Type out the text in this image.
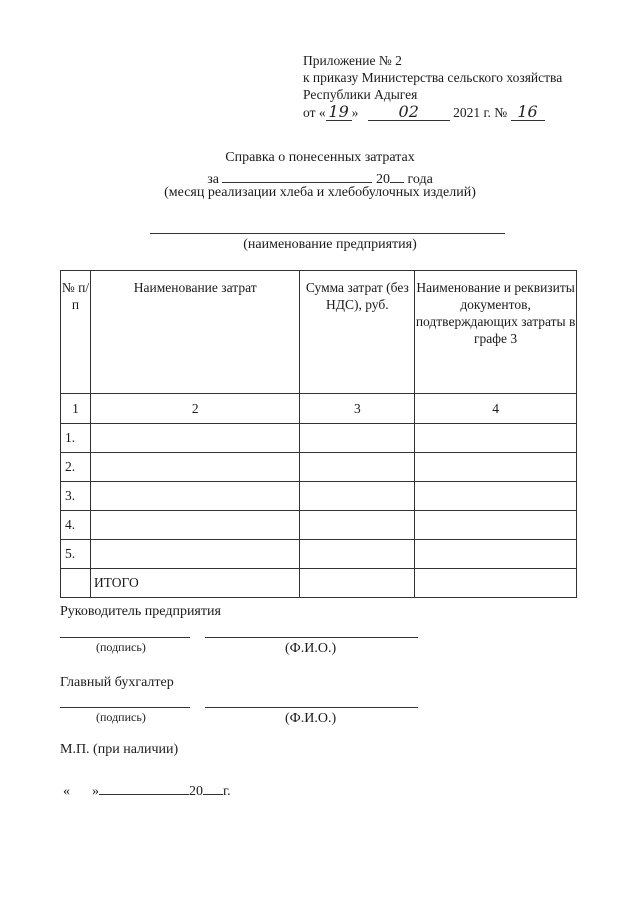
Приложение № 2
к приказу Министерства сельского хозяйства
Республики Адыгея
от « 19 »	02	2021 г. № 16
Справка о понесенных затратах
за	20 года
(месяц реализации хлеба и хлебобулочных изделий)
(наименование предприятия)
№ п/п	Наименование затрат	Сумма затрат (без НДС), руб.	Наименование и реквизиты документов, подтверждающих затраты в графе 3
1	2	3	4
1.			
2.			
3.			
4.			
5.			
	ИТОГО		
Руководитель предприятия
(подпись)	(Ф.И.О.)
Главный бухгалтер
(подпись)	(Ф.И.О.)
М.П. (при наличии)
« »	20 г.
